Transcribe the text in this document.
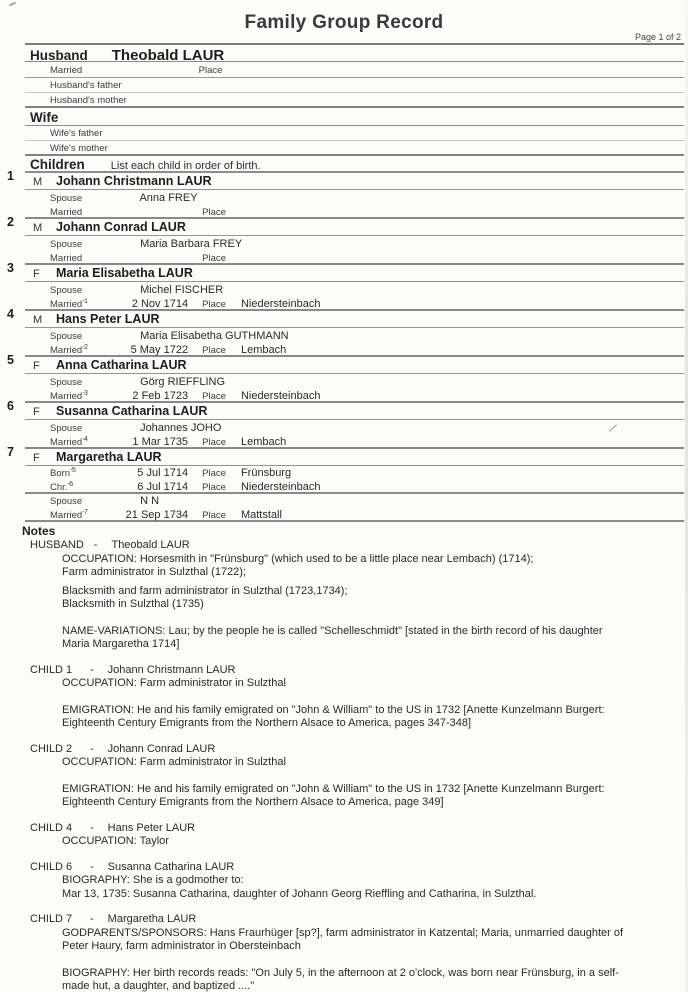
Family Group Record
Page 1 of 2
Husband Theobald LAUR
Married	Place
Husband's father
Husband's mother
Wife
Wife's father
Wife's mother
Children List each child in order of birth.
1 M	Johann Christmann LAUR
Spouse	Anna FREY
Married	Place
2 M	Johann Conrad LAUR
Spouse	Maria Barbara FREY
Married	Place
3 F	Maria Elisabetha LAUR
Spouse	Michel FISCHER
Married$^{-1}$	2 Nov 1714 Place Niedersteinbach
4 M	Hans Peter LAUR
Spouse	Maria Elisabetha GUTHMANN
Married$^{-2}$	5 May 1722 Place Lembach
5 F	Anna Catharina LAUR
Spouse	Görg RIEFFLING
Married$^{-3}$	2 Feb 1723 Place Niedersteinbach
6 F	Susanna Catharina LAUR
Spouse	Johannes JOHO
Married$^{-4}$	1 Mar 1735 Place Lembach
7 F	Margaretha LAUR
Born$^{-5}$	5 Jul 1714 Place Frünsburg
Chr.$^{-6}$	6 Jul 1714 Place Niedersteinbach
Spouse	N N
Married$^{-7}$	21 Sep 1734 Place Mattstall
Notes
HUSBAND - Theobald LAUR
OCCUPATION: Horsesmith in "Frünsburg" (which used to be a little place near Lembach) (1714);
Farm administrator in Sulzthal (1722);
Blacksmith and farm administrator in Sulzthal (1723,1734);
Blacksmith in Sulzthal (1735)
NAME-VARIATIONS: Lau; by the people he is called "Schelleschmidt" [stated in the birth record of his daughter
Maria Margaretha 1714]
CHILD 1 - Johann Christmann LAUR
OCCUPATION: Farm administrator in Sulzthal
EMIGRATION: He and his family emigrated on "John & William" to the US in 1732 [Anette Kunzelmann Burgert:
Eighteenth Century Emigrants from the Northern Alsace to America, pages 347-348]
CHILD 2 - Johann Conrad LAUR
OCCUPATION: Farm administrator in Sulzthal
EMIGRATION: He and his family emigrated on "John & William" to the US in 1732 [Anette Kunzelmann Burgert:
Eighteenth Century Emigrants from the Northern Alsace to America, page 349]
CHILD 4 - Hans Peter LAUR
OCCUPATION: Taylor
CHILD 6 - Susanna Catharina LAUR
BIOGRAPHY: She is a godmother to:
Mar 13, 1735: Susanna Catharina, daughter of Johann Georg Rieffling and Catharina, in Sulzthal.
CHILD 7 - Margaretha LAUR
GODPARENTS/SPONSORS: Hans Fraurhüger [sp?], farm administrator in Katzental; Maria, unmarried daughter of
Peter Haury, farm administrator in Obersteinbach
BIOGRAPHY: Her birth records reads: "On July 5, in the afternoon at 2 o'clock, was born near Frünsburg, in a self-
made hut, a daughter, and baptized ...."
⁄
